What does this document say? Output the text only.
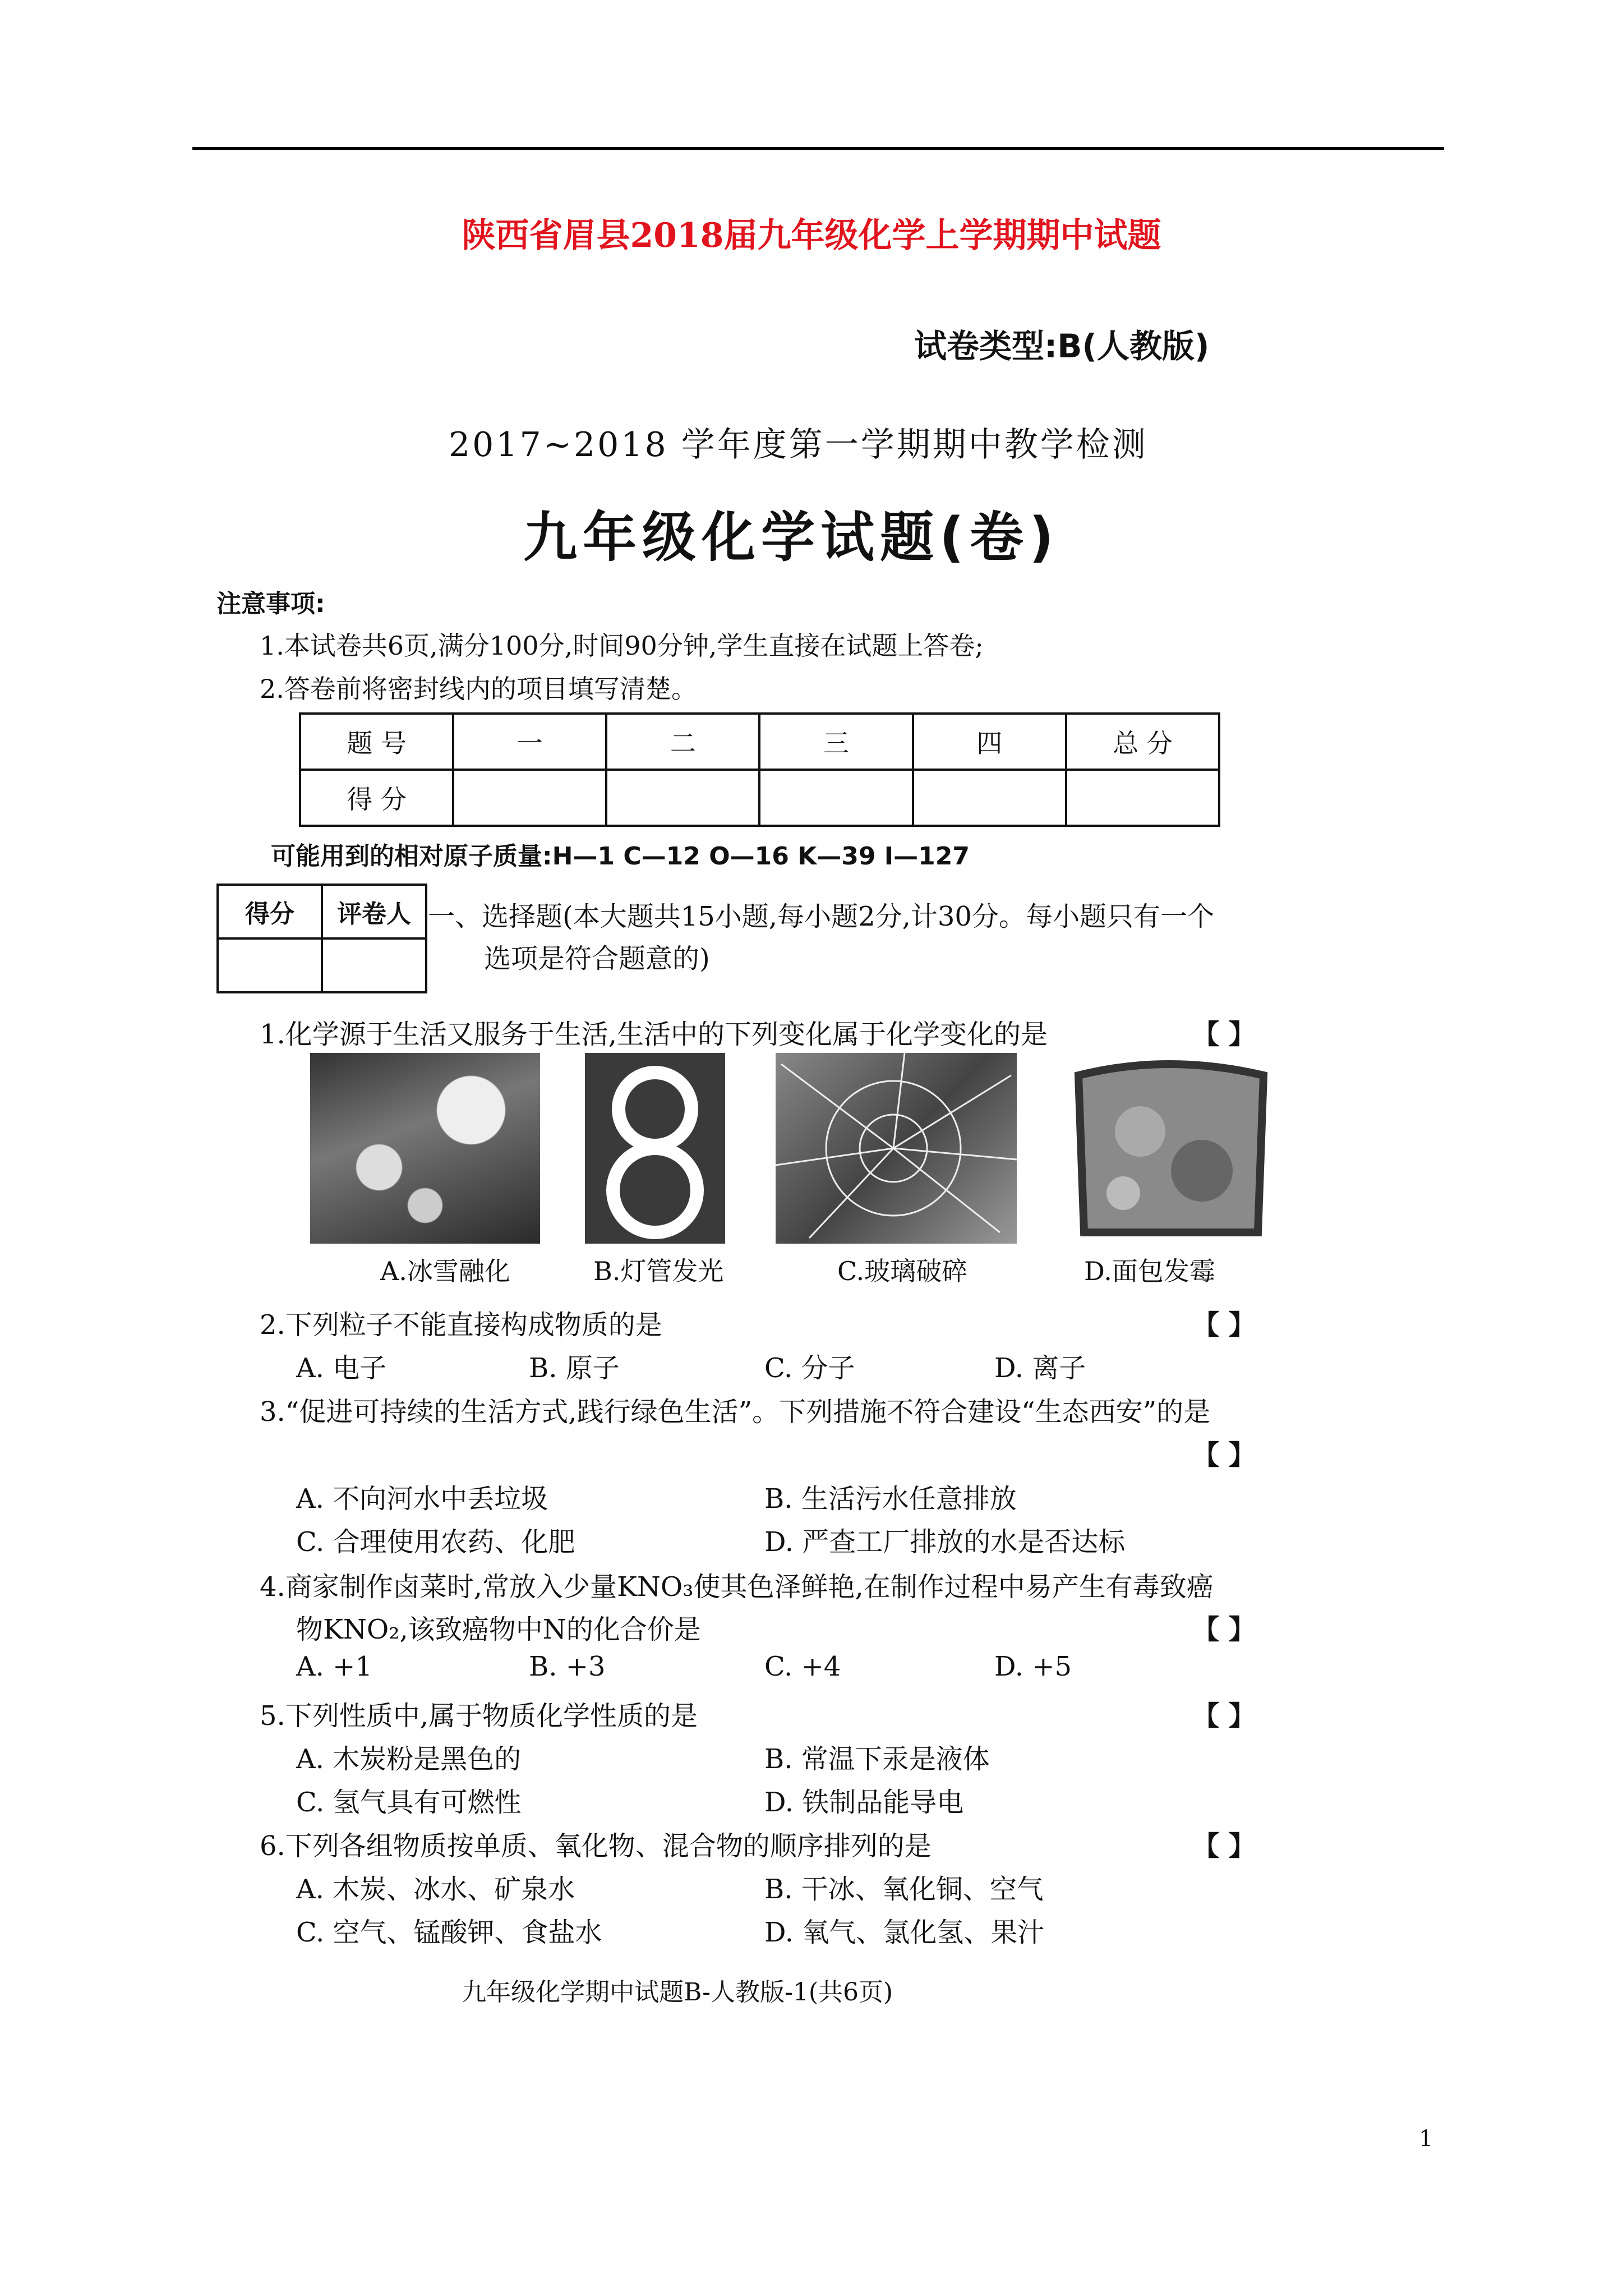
陕西省眉县2018届九年级化学上学期期中试题
试卷类型:B(人教版)
2017~2018 学年度第一学期期中教学检测
九年级化学试题(卷)
注意事项:
1.本试卷共6页,满分100分,时间90分钟,学生直接在试题上答卷;
2.答卷前将密封线内的项目填写清楚。
题 号	一	二	三	四	总 分
得 分					
可能用到的相对原子质量:H—1 C—12 O—16 K—39 I—127
得分	评卷人
	一、选择题(本大题共15小题,每小题2分,计30分。每小题只有一个
选项是符合题意的)
1.化学源于生活又服务于生活,生活中的下列变化属于化学变化的是	【 】
A.冰雪融化	B.灯管发光	C.玻璃破碎	D.面包发霉
2.下列粒子不能直接构成物质的是	【 】
A. 电子	B. 原子	C. 分子	D. 离子
3.“促进可持续的生活方式,践行绿色生活”。下列措施不符合建设“生态西安”的是
【 】
A. 不向河水中丢垃圾	B. 生活污水任意排放
C. 合理使用农药、化肥	D. 严查工厂排放的水是否达标
4.商家制作卤菜时,常放入少量KNO₃使其色泽鲜艳,在制作过程中易产生有毒致癌
物KNO₂,该致癌物中N的化合价是	【 】
A. +1	B. +3	C. +4	D. +5
5.下列性质中,属于物质化学性质的是	【 】
A. 木炭粉是黑色的	B. 常温下汞是液体
C. 氢气具有可燃性	D. 铁制品能导电
6.下列各组物质按单质、氧化物、混合物的顺序排列的是	【 】
A. 木炭、冰水、矿泉水	B. 干冰、氧化铜、空气
C. 空气、锰酸钾、食盐水	D. 氧气、氯化氢、果汁
九年级化学期中试题B-人教版-1(共6页)
1
